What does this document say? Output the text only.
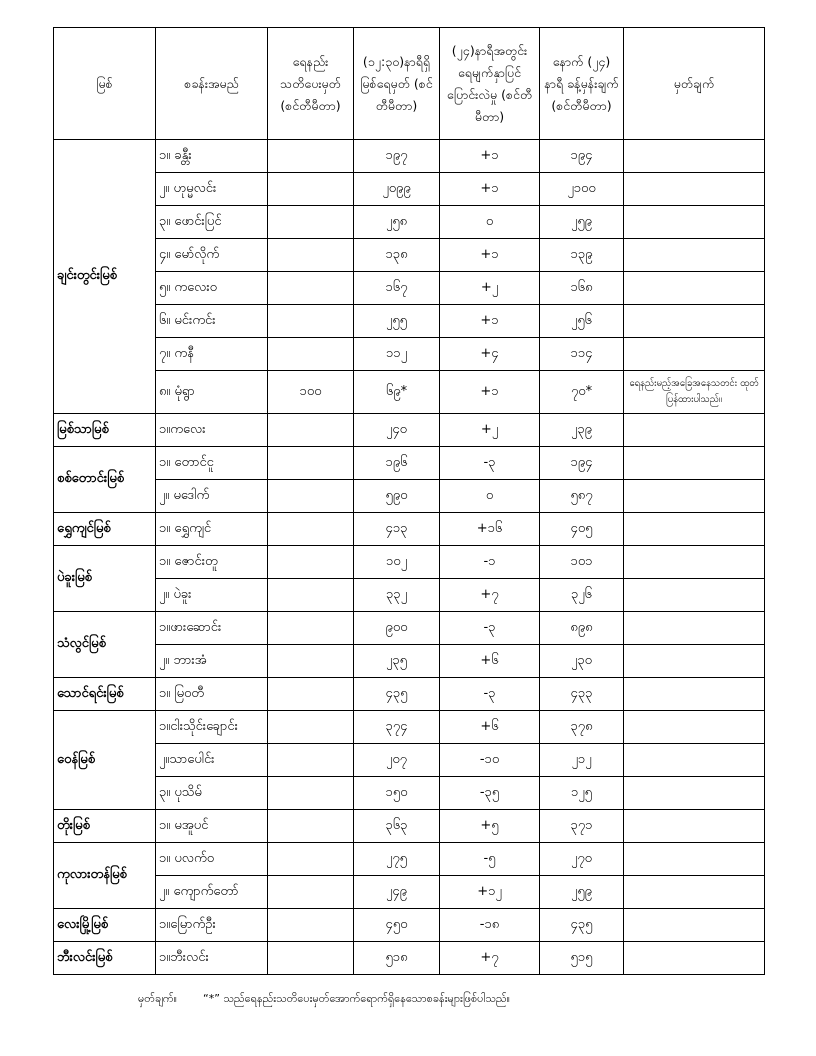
မြစ်	စခန်းအမည်	ရေနည်း သတိပေးမှတ် (စင်တီမီတာ)	(၁၂:၃၀)နာရီရှိ မြစ်ရေမှတ် (စင်တီမီတာ)	(၂၄)နာရီအတွင်း ရေမျက်နှာပြင် ပြောင်းလဲမှု (စင်တီမီတာ)	နောက် (၂၄) နာရီ ခန့်မှန်းချက် (စင်တီမီတာ)	မှတ်ချက်
ချင်းတွင်းမြစ်	၁။ ခန္တီး		၁၉၇	+၁	၁၉၄	
	၂။ ဟုမ္မလင်း		၂၀၉၉	+၁	၂၁၀၀	
	၃။ ဖောင်းပြင်		၂၅၈	၀	၂၅၉	
	၄။ မော်လိုက်		၁၃၈	+၁	၁၃၉	
	၅။ ကလေးဝ		၁၆၇	+၂	၁၆၈	
	၆။ မင်းကင်း		၂၅၅	+၁	၂၅၆	
	၇။ ကနီ		၁၁၂	+၄	၁၁၄	
	၈။ မုံရွာ	၁၀၀	၆၉*	+၁	၇၀*	ရေနည်းမည့်အခြေအနေသတင်း ထုတ်ပြန်ထားပါသည်။
မြစ်သာမြစ်	၁။ကလေး		၂၄၀	+၂	၂၃၉	
စစ်တောင်းမြစ်	၁။ တောင်ငူ		၁၉၆	-၃	၁၉၄	
	၂။ မဒေါက်		၅၉၀	၀	၅၈၇	
ရွှေကျင်မြစ်	၁။ ရွှေကျင်		၄၁၃	+၁၆	၄၀၅	
ပဲခူးမြစ်	၁။ ဇောင်းတူ		၁၀၂	-၁	၁၀၁	
	၂။ ပဲခူး		၃၃၂	+၇	၃၂၆	
သံလွင်မြစ်	၁။ဖားဆောင်း		၉၀၀	-၃	၈၉၈	
	၂။ ဘားအံ		၂၃၅	+၆	၂၃၀	
သောင်ရင်းမြစ်	၁။ မြဝတီ		၄၃၅	-၃	၄၃၃	
ဝေန်မြစ်	၁။ငါးသိုင်းချောင်း		၃၇၄	+၆	၃၇၈	
	၂။သာပေါင်း		၂၀၇	-၁၀	၂၁၂	
	၃။ ပုသိမ်		၁၅၀	-၃၅	၁၂၅	
တိုးမြစ်	၁။ မအူပင်		၃၆၃	+၅	၃၇၁	
ကုလားတန်မြစ်	၁။ ပလက်ဝ		၂၇၅	-၅	၂၇၀	
	၂။ ကျောက်တော်		၂၄၉	+၁၂	၂၅၉	
လေးမြို့မြစ်	၁။မြောက်ဦး		၄၅၀	-၁၈	၄၃၅	
ဘီးလင်းမြစ်	၁။ဘီးလင်း		၅၁၈	+၇	၅၁၅	
မှတ်ချက်။ “*” သည်ရေနည်းသတိပေးမှတ်အောက်ရောက်ရှိနေသောစခန်းများဖြစ်ပါသည်။
